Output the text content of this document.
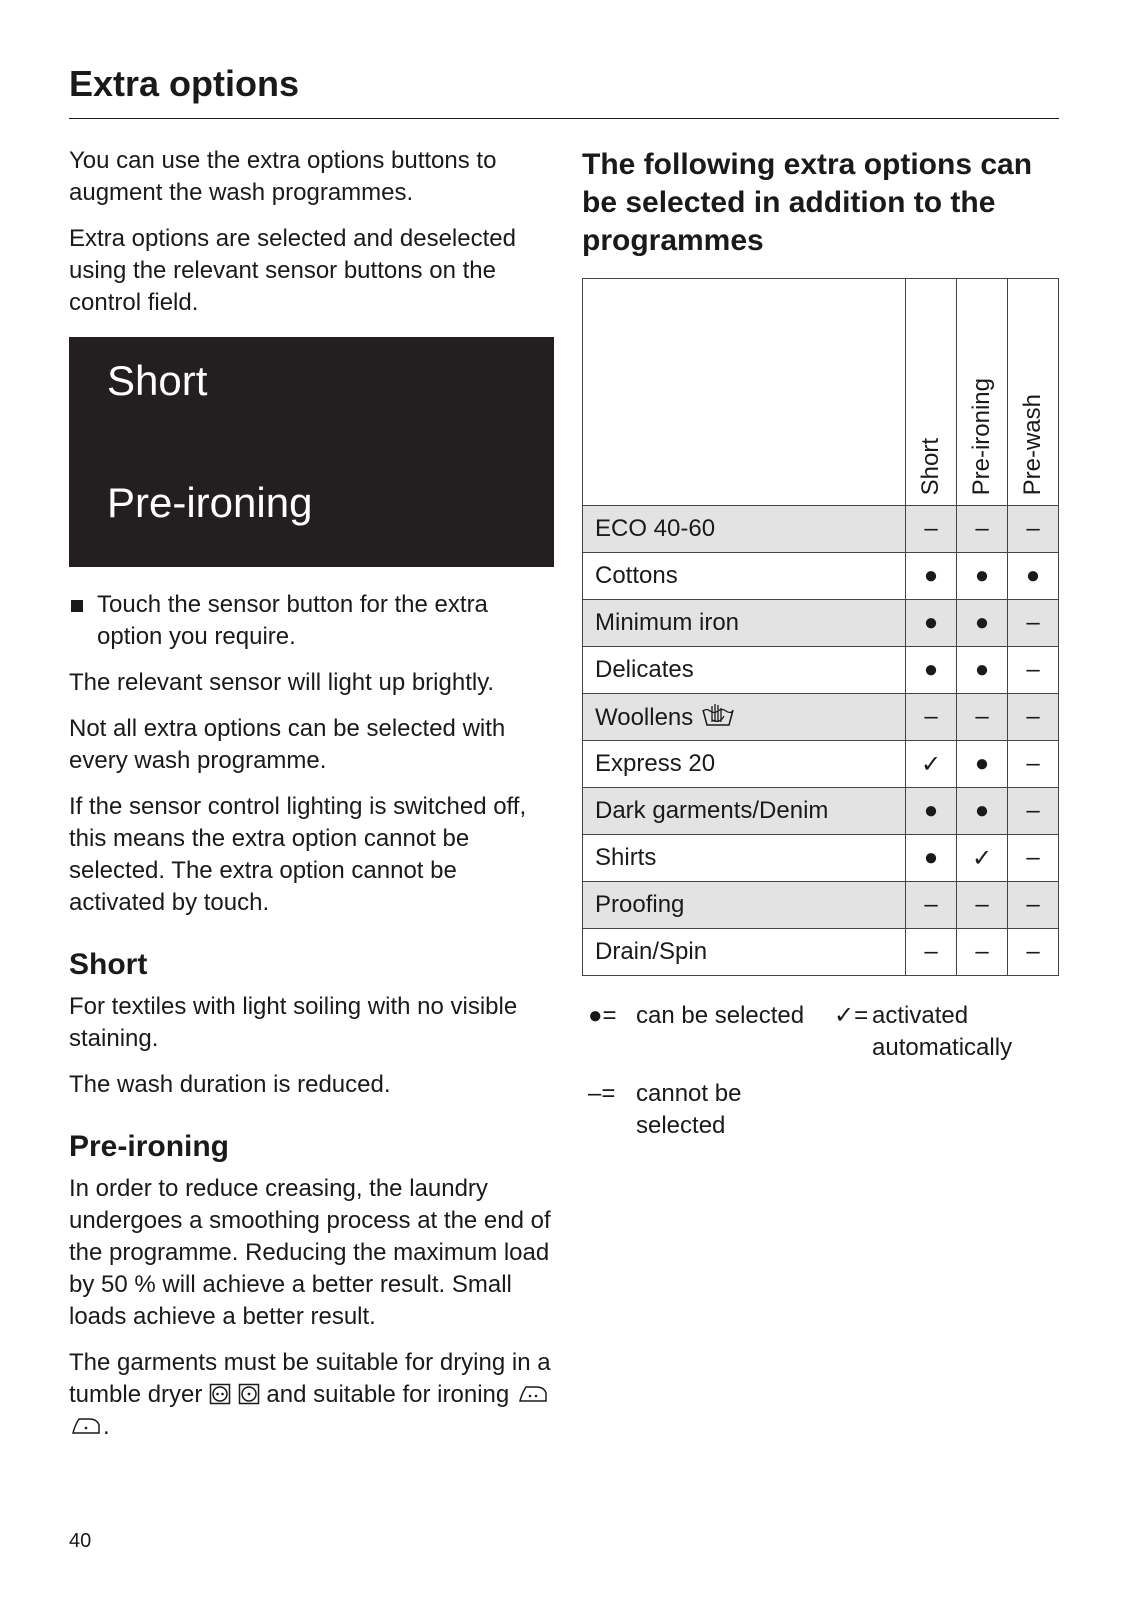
Extra options

You can use the extra options buttons to augment the wash programmes.

Extra options are selected and deselected using the relevant sensor buttons on the control field.

Short
Pre-ironing
Touch the sensor button for the extra option you require.

The relevant sensor will light up brightly.

Not all extra options can be selected with every wash programme.

If the sensor control lighting is switched off, this means the extra option cannot be selected. The extra option cannot be activated by touch.

Short

For textiles with light soiling with no visible staining.

The wash duration is reduced.

Pre-ironing

In order to reduce creasing, the laundry undergoes a smoothing process at the end of the programme. Reducing the maximum load by 50 % will achieve a better result. Small loads achieve a better result.

The garments must be suitable for drying in a tumble dryer	and suitable for ironing  .

The following extra options can be selected in addition to the programmes

	Short	Pre-ironing	Pre-wash

ECO 40-60	–	–	–
Cottons	●	●	●
Minimum iron	●	●	–
Delicates	●	●	–
Woollens	–	–	–
Express 20	✓	●	–
Dark garments/Denim	●	●	–
Shirts	●	✓	–
Proofing	–	–	–
Drain/Spin	–	–	–
●= can be selected ✓= activated automatically
–= cannot be selected
40
